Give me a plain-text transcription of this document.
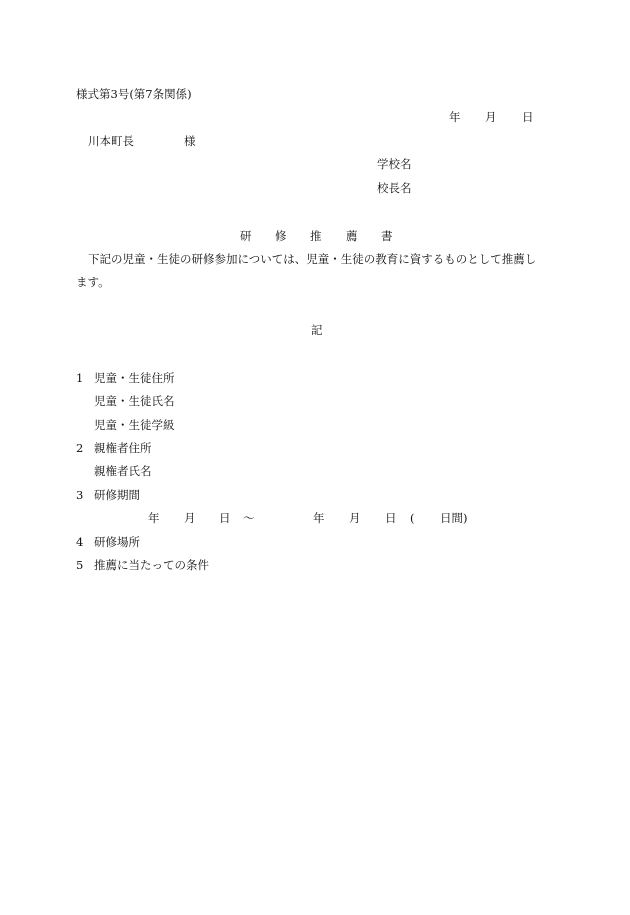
様式第3号(第7条関係)
年 月 日
川本町長	様
学校名
校長名
研 修 推 薦 書
下記の児童・生徒の研修参加については、児童・生徒の教育に資するものとして推薦し
ます。
記
1 児童・生徒住所
児童・生徒氏名
児童・生徒学級
2 親権者住所
親権者氏名
3 研修期間
年 月 日 〜	年 月 日 ( 日間)
4 研修場所
5 推薦に当たっての条件
